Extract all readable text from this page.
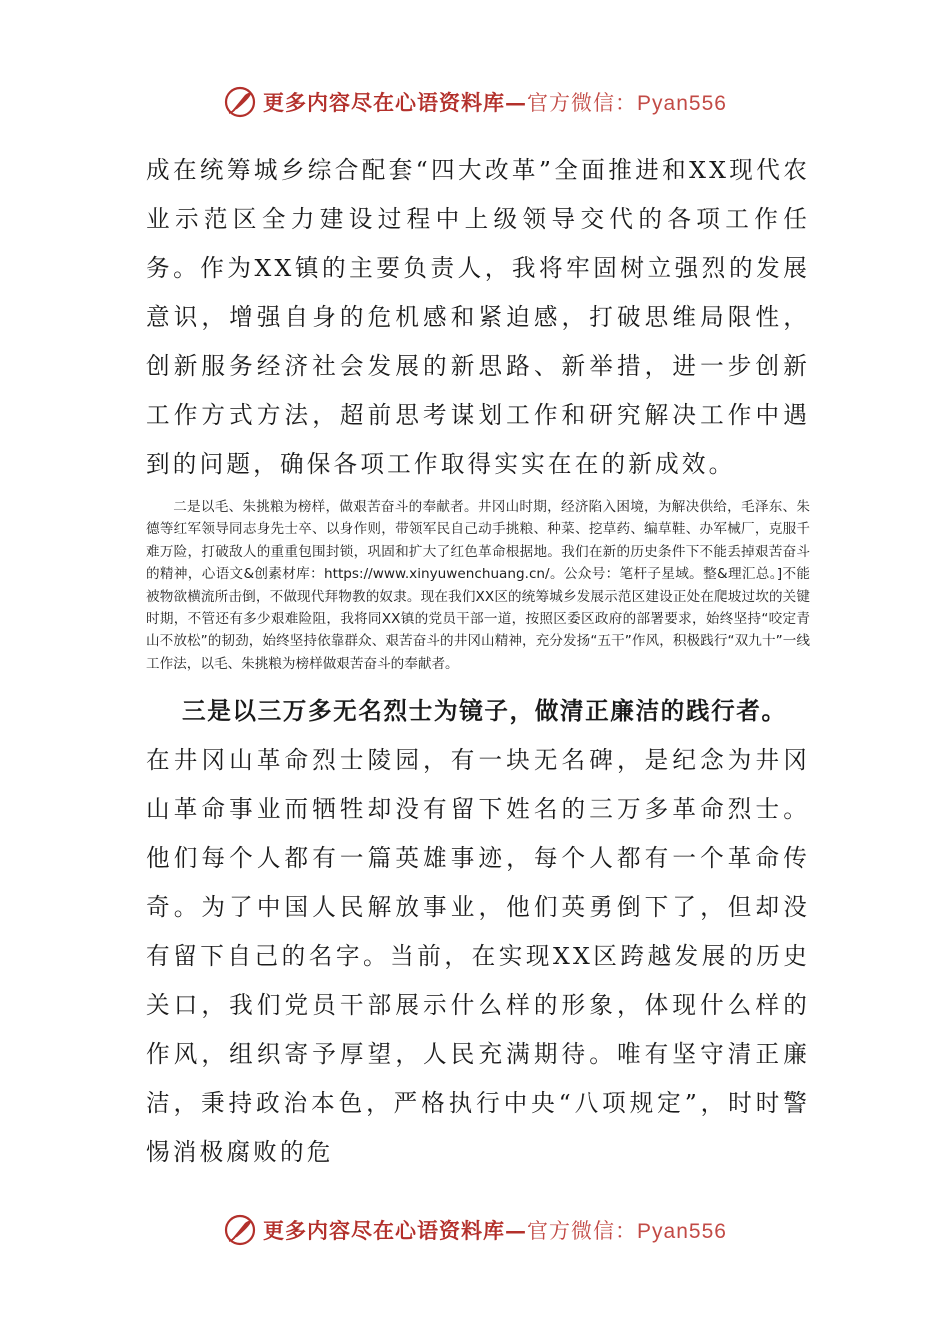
更多内容尽在心语资料库—官方微信：Pyan556

成在统筹城乡综合配套“四大改革”全面推进和XX现代农业示范区全力建设过程中上级领导交代的各项工作任务。作为XX镇的主要负责人，我将牢固树立强烈的发展意识，增强自身的危机感和紧迫感，打破思维局限性，创新服务经济社会发展的新思路、新举措，进一步创新工作方式方法，超前思考谋划工作和研究解决工作中遇到的问题，确保各项工作取得实实在在的新成效。

二是以毛、朱挑粮为榜样，做艰苦奋斗的奉献者。井冈山时期，经济陷入困境，为解决供给，毛泽东、朱德等红军领导同志身先士卒、以身作则，带领军民自己动手挑粮、种菜、挖草药、编草鞋、办军械厂，克服千难万险，打破敌人的重重包围封锁，巩固和扩大了红色革命根据地。我们在新的历史条件下不能丢掉艰苦奋斗的精神，心语文&创素材库：https://www.xinyuwenchuang.cn/。公众号：笔杆子星域。整&理汇总。]不能被物欲横流所击倒，不做现代拜物教的奴隶。现在我们XX区的统筹城乡发展示范区建设正处在爬坡过坎的关键时期，不管还有多少艰难险阻，我将同XX镇的党员干部一道，按照区委区政府的部署要求，始终坚持“咬定青山不放松”的韧劲，始终坚持依靠群众、艰苦奋斗的井冈山精神，充分发扬“五干”作风，积极践行“双九十”一线工作法，以毛、朱挑粮为榜样做艰苦奋斗的奉献者。

三是以三万多无名烈士为镜子，做清正廉洁的践行者。

在井冈山革命烈士陵园，有一块无名碑，是纪念为井冈山革命事业而牺牲却没有留下姓名的三万多革命烈士。他们每个人都有一篇英雄事迹，每个人都有一个革命传奇。为了中国人民解放事业，他们英勇倒下了，但却没有留下自己的名字。当前，在实现XX区跨越发展的历史关口，我们党员干部展示什么样的形象，体现什么样的作风，组织寄予厚望，人民充满期待。唯有坚守清正廉洁，秉持政治本色，严格执行中央“八项规定”，时时警惕消极腐败的危

更多内容尽在心语资料库—官方微信：Pyan556
